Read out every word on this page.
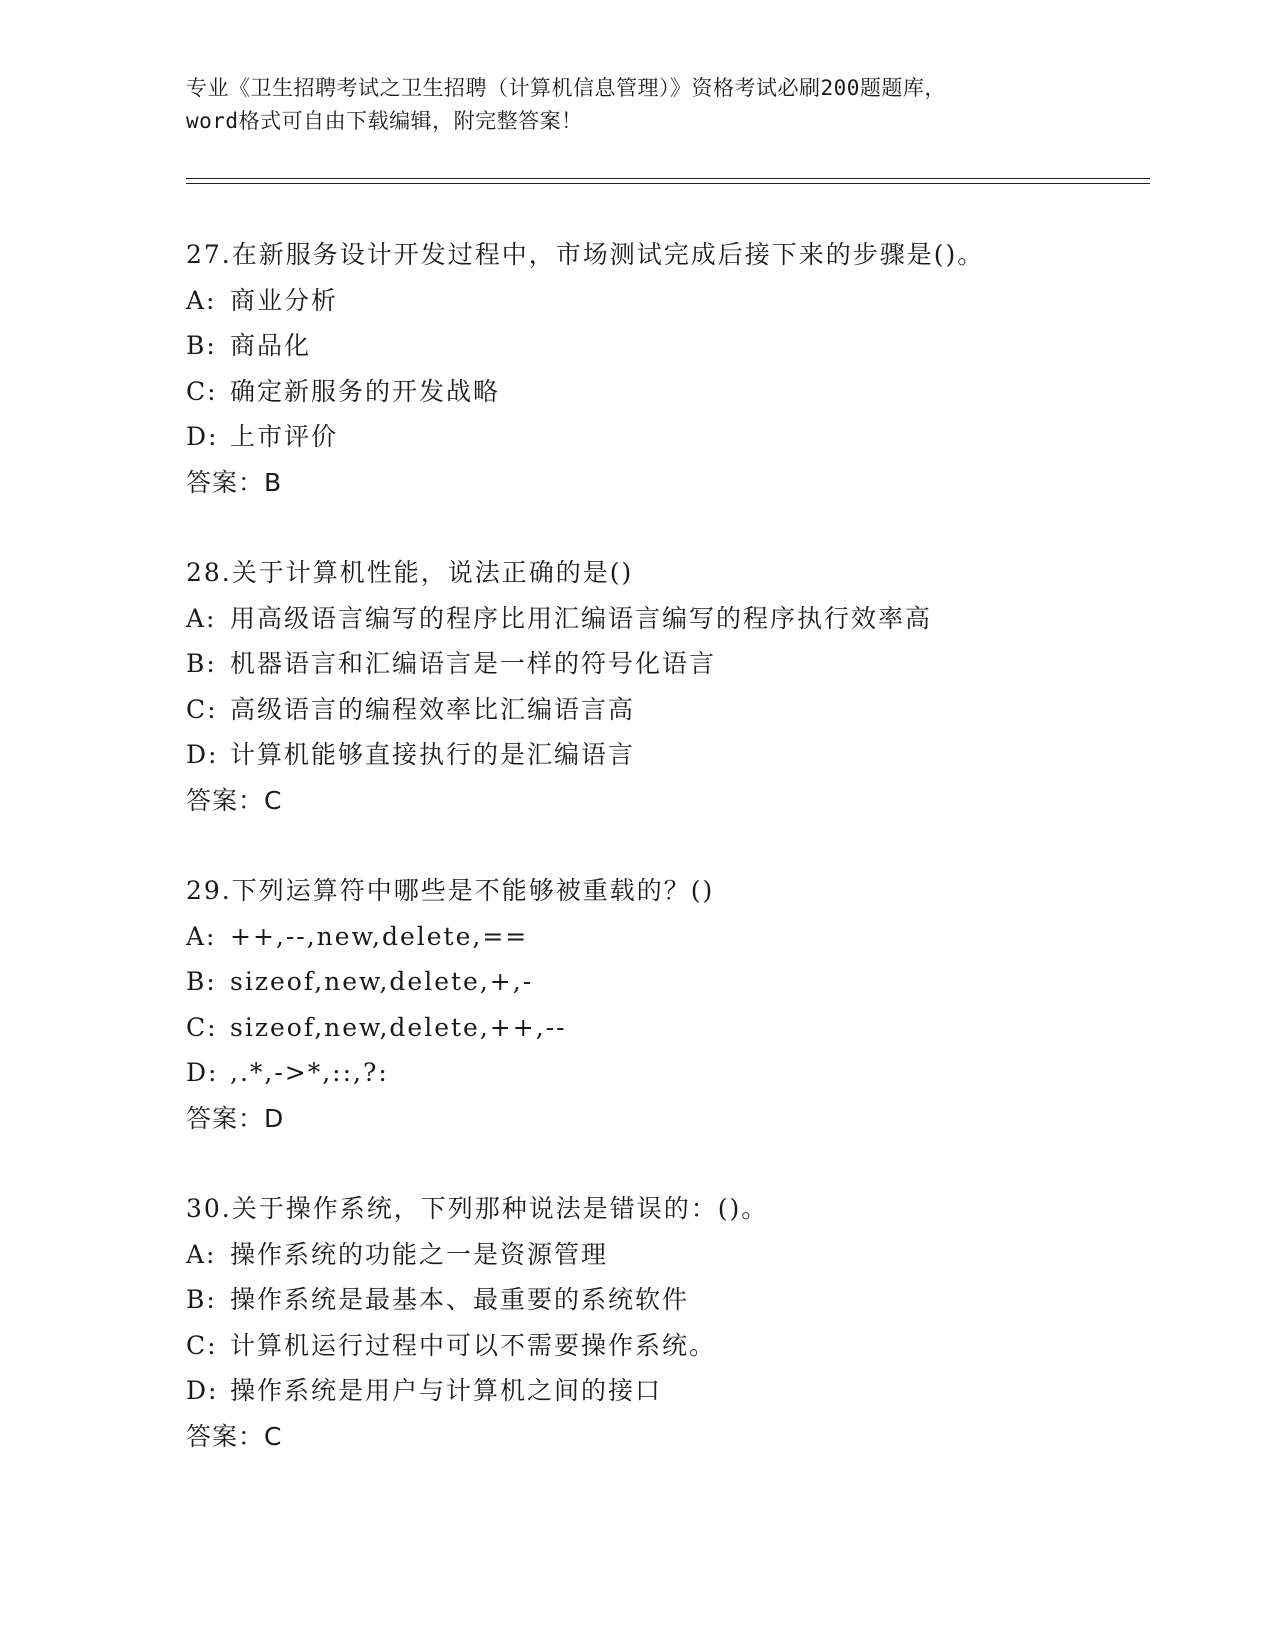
专业《卫生招聘考试之卫生招聘（计算机信息管理）》资格考试必刷200题题库，
word格式可自由下载编辑，附完整答案！
27.在新服务设计开发过程中，市场测试完成后接下来的步骤是()。
A: 商业分析
B: 商品化
C: 确定新服务的开发战略
D: 上市评价
答案：B
28.关于计算机性能，说法正确的是()
A: 用高级语言编写的程序比用汇编语言编写的程序执行效率高
B: 机器语言和汇编语言是一样的符号化语言
C: 高级语言的编程效率比汇编语言高
D: 计算机能够直接执行的是汇编语言
答案：C
29.下列运算符中哪些是不能够被重载的？()
A: ++,--,new,delete,==
B: sizeof,new,delete,+,-
C: sizeof,new,delete,++,--
D: ,.*,->*,::,?:
答案：D
30.关于操作系统，下列那种说法是错误的：()。
A: 操作系统的功能之一是资源管理
B: 操作系统是最基本、最重要的系统软件
C: 计算机运行过程中可以不需要操作系统。
D: 操作系统是用户与计算机之间的接口
答案：C
